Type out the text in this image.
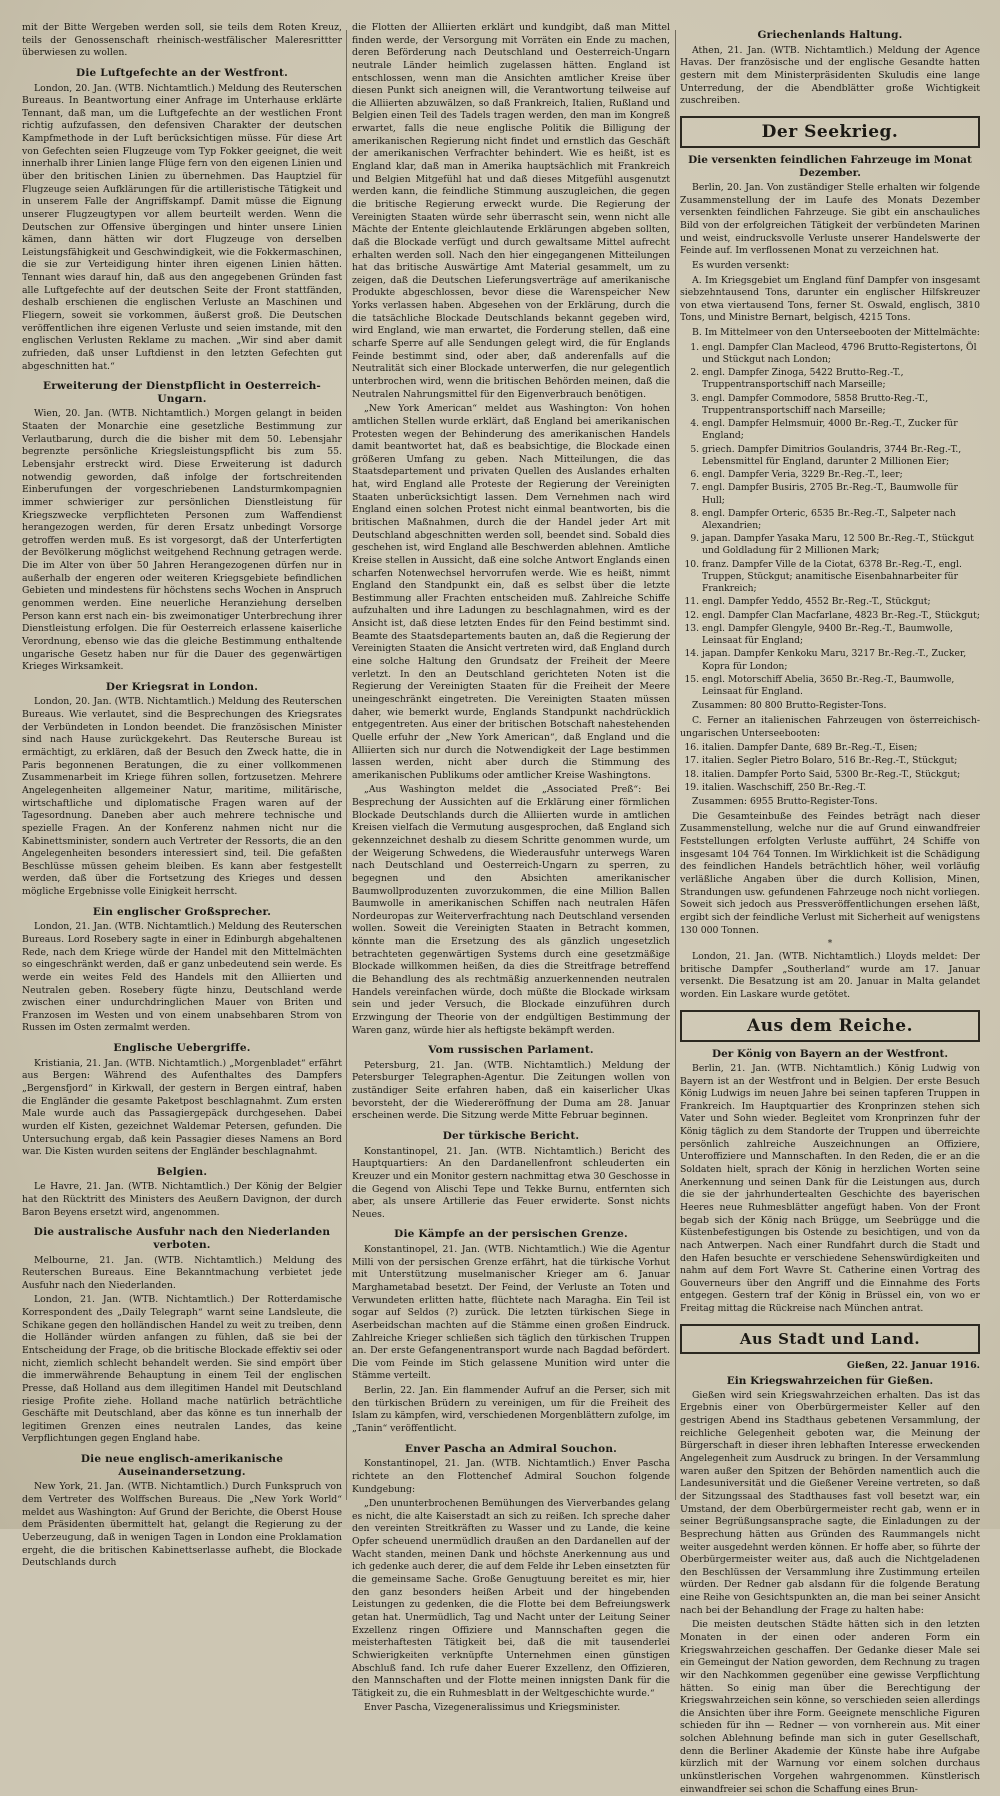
mit der Bitte Wergeben werden soll, sie teils dem Roten Kreuz, teils der Genossenschaft rheinisch-westfälischer Maleresrittter überwiesen zu wollen.

Die Luftgefechte an der Westfront.

London, 20. Jan. (WTB. Nichtamtlich.) Meldung des Reuterschen Bureaus. In Beantwortung einer Anfrage im Unterhause erklärte Tennant, daß man, um die Luftgefechte an der westlichen Front richtig aufzufassen, den defensiven Charakter der deutschen Kampfmethode in der Luft berücksichtigen müsse. Für diese Art von Gefechten seien Flugzeuge vom Typ Fokker geeignet, die weit innerhalb ihrer Linien lange Flüge fern von den eigenen Linien und über den britischen Linien zu übernehmen. Das Hauptziel für Flugzeuge seien Aufklärungen für die artilleristische Tätigkeit und in unserem Falle der Angriffskampf. Damit müsse die Eignung unserer Flugzeugtypen vor allem beurteilt werden. Wenn die Deutschen zur Offensive übergingen und hinter unsere Linien kämen, dann hätten wir dort Flugzeuge von derselben Leistungsfähigkeit und Geschwindigkeit, wie die Fokkermaschinen, die sie zur Verteidigung hinter ihren eigenen Linien hätten. Tennant wies darauf hin, daß aus den angegebenen Gründen fast alle Luftgefechte auf der deutschen Seite der Front stattfänden, deshalb erschienen die englischen Verluste an Maschinen und Fliegern, soweit sie vorkommen, äußerst groß. Die Deutschen veröffentlichen ihre eigenen Verluste und seien imstande, mit den englischen Verlusten Reklame zu machen. „Wir sind aber damit zufrieden, daß unser Luftdienst in den letzten Gefechten gut abgeschnitten hat.“

Erweiterung der Dienstpflicht in Oesterreich-Ungarn.

Wien, 20. Jan. (WTB. Nichtamtlich.) Morgen gelangt in beiden Staaten der Monarchie eine gesetzliche Bestimmung zur Verlautbarung, durch die die bisher mit dem 50. Lebensjahr begrenzte persönliche Kriegsleistungspflicht bis zum 55. Lebensjahr erstreckt wird. Diese Erweiterung ist dadurch notwendig geworden, daß infolge der fortschreitenden Einberufungen der vorgeschriebenen Landsturmkompagnien immer schwieriger zur persönlichen Dienstleistung für Kriegszwecke verpflichteten Personen zum Waffendienst herangezogen werden, für deren Ersatz unbedingt Vorsorge getroffen werden muß. Es ist vorgesorgt, daß der Unterfertigten der Bevölkerung möglichst weitgehend Rechnung getragen werde. Die im Alter von über 50 Jahren Herangezogenen dürfen nur in außerhalb der engeren oder weiteren Kriegsgebiete befindlichen Gebieten und mindestens für höchstens sechs Wochen in Anspruch genommen werden. Eine neuerliche Heranziehung derselben Person kann erst nach ein- bis zweimonatiger Unterbrechung ihrer Dienstleistung erfolgen. Die für Oesterreich erlassene kaiserliche Verordnung, ebenso wie das die gleiche Bestimmung enthaltende ungarische Gesetz haben nur für die Dauer des gegenwärtigen Krieges Wirksamkeit.

Der Kriegsrat in London.

London, 20. Jan. (WTB. Nichtamtlich.) Meldung des Reuterschen Bureaus. Wie verlautet, sind die Besprechungen des Kriegsrates der Verbündeten in London beendet. Die französischen Minister sind nach Hause zurückgekehrt. Das Reutersche Bureau ist ermächtigt, zu erklären, daß der Besuch den Zweck hatte, die in Paris begonnenen Beratungen, die zu einer vollkommenen Zusammenarbeit im Kriege führen sollen, fortzusetzen. Mehrere Angelegenheiten allgemeiner Natur, maritime, militärische, wirtschaftliche und diplomatische Fragen waren auf der Tagesordnung. Daneben aber auch mehrere technische und spezielle Fragen. An der Konferenz nahmen nicht nur die Kabinettsminister, sondern auch Vertreter der Ressorts, die an den Angelegenheiten besonders interessiert sind, teil. Die gefaßten Beschlüsse müssen geheim bleiben. Es kann aber festgestellt werden, daß über die Fortsetzung des Krieges und dessen mögliche Ergebnisse volle Einigkeit herrscht.

Ein englischer Großsprecher.

London, 21. Jan. (WTB. Nichtamtlich.) Meldung des Reuterschen Bureaus. Lord Rosebery sagte in einer in Edinburgh abgehaltenen Rede, nach dem Kriege würde der Handel mit den Mittelmächten so eingeschränkt werden, daß er ganz unbedeutend sein werde. Es werde ein weites Feld des Handels mit den Alliierten und Neutralen geben. Rosebery fügte hinzu, Deutschland werde zwischen einer undurchdringlichen Mauer von Briten und Franzosen im Westen und von einem unabsehbaren Strom von Russen im Osten zermalmt werden.

Englische Uebergriffe.

Kristiania, 21. Jan. (WTB. Nichtamtlich.) „Morgenbladet“ erfährt aus Bergen: Während des Aufenthaltes des Dampfers „Bergensfjord“ in Kirkwall, der gestern in Bergen eintraf, haben die Engländer die gesamte Paketpost beschlagnahmt. Zum ersten Male wurde auch das Passagiergepäck durchgesehen. Dabei wurden elf Kisten, gezeichnet Waldemar Petersen, gefunden. Die Untersuchung ergab, daß kein Passagier dieses Namens an Bord war. Die Kisten wurden seitens der Engländer beschlagnahmt.

Belgien.

Le Havre, 21. Jan. (WTB. Nichtamtlich.) Der König der Belgier hat den Rücktritt des Ministers des Aeußern Davignon, der durch Baron Beyens ersetzt wird, angenommen.

Die australische Ausfuhr nach den Niederlanden verboten.

Melbourne, 21. Jan. (WTB. Nichtamtlich.) Meldung des Reuterschen Bureaus. Eine Bekanntmachung verbietet jede Ausfuhr nach den Niederlanden.

London, 21. Jan. (WTB. Nichtamtlich.) Der Rotterdamische Korrespondent des „Daily Telegraph“ warnt seine Landsleute, die Schikane gegen den holländischen Handel zu weit zu treiben, denn die Holländer würden anfangen zu fühlen, daß sie bei der Entscheidung der Frage, ob die britische Blockade effektiv sei oder nicht, ziemlich schlecht behandelt werden. Sie sind empört über die immerwährende Behauptung in einem Teil der englischen Presse, daß Holland aus dem illegitimen Handel mit Deutschland riesige Profite ziehe. Holland mache natürlich beträchtliche Geschäfte mit Deutschland, aber das könne es tun innerhalb der legitimen Grenzen eines neutralen Landes, das keine Verpflichtungen gegen England habe.

Die neue englisch-amerikanische Auseinandersetzung.

New York, 21. Jan. (WTB. Nichtamtlich.) Durch Funkspruch von dem Vertreter des Wolffschen Bureaus. Die „New York World“ meldet aus Washington: Auf Grund der Berichte, die Oberst House dem Präsidenten übermittelt hat, gelangt die Regierung zu der Ueberzeugung, daß in wenigen Tagen in London eine Proklamation ergeht, die die britischen Kabinettserlasse aufhebt, die Blockade Deutschlands durch

die Flotten der Alliierten erklärt und kundgibt, daß man Mittel finden werde, der Versorgung mit Vorräten ein Ende zu machen, deren Beförderung nach Deutschland und Oesterreich-Ungarn neutrale Länder heimlich zugelassen hätten. England ist entschlossen, wenn man die Ansichten amtlicher Kreise über diesen Punkt sich aneignen will, die Verantwortung teilweise auf die Alliierten abzuwälzen, so daß Frankreich, Italien, Rußland und Belgien einen Teil des Tadels tragen werden, den man im Kongreß erwartet, falls die neue englische Politik die Billigung der amerikanischen Regierung nicht findet und ernstlich das Geschäft der amerikanischen Verfrachter behindert. Wie es heißt, ist es England klar, daß man in Amerika hauptsächlich mit Frankreich und Belgien Mitgefühl hat und daß dieses Mitgefühl ausgenutzt werden kann, die feindliche Stimmung auszugleichen, die gegen die britische Regierung erweckt wurde. Die Regierung der Vereinigten Staaten würde sehr überrascht sein, wenn nicht alle Mächte der Entente gleichlautende Erklärungen abgeben sollten, daß die Blockade verfügt und durch gewaltsame Mittel aufrecht erhalten werden soll. Nach den hier eingegangenen Mitteilungen hat das britische Auswärtige Amt Material gesammelt, um zu zeigen, daß die Deutschen Lieferungsverträge auf amerikanische Produkte abgeschlossen, bevor diese die Warenspeicher New Yorks verlassen haben. Abgesehen von der Erklärung, durch die die tatsächliche Blockade Deutschlands bekannt gegeben wird, wird England, wie man erwartet, die Forderung stellen, daß eine scharfe Sperre auf alle Sendungen gelegt wird, die für Englands Feinde bestimmt sind, oder aber, daß anderenfalls auf die Neutralität sich einer Blockade unterwerfen, die nur gelegentlich unterbrochen wird, wenn die britischen Behörden meinen, daß die Neutralen Nahrungsmittel für den Eigenverbrauch benötigen.

„New York American“ meldet aus Washington: Von hohen amtlichen Stellen wurde erklärt, daß England bei amerikanischen Protesten wegen der Behinderung des amerikanischen Handels damit beantwortet hat, daß es beabsichtige, die Blockade einen größeren Umfang zu geben. Nach Mitteilungen, die das Staatsdepartement und privaten Quellen des Auslandes erhalten hat, wird England alle Proteste der Regierung der Vereinigten Staaten unberücksichtigt lassen. Dem Vernehmen nach wird England einen solchen Protest nicht einmal beantworten, bis die britischen Maßnahmen, durch die der Handel jeder Art mit Deutschland abgeschnitten werden soll, beendet sind. Sobald dies geschehen ist, wird England alle Beschwerden ablehnen. Amtliche Kreise stellen in Aussicht, daß eine solche Antwort Englands einen scharfen Notenwechsel hervorrufen werde. Wie es heißt, nimmt England den Standpunkt ein, daß es selbst über die letzte Bestimmung aller Frachten entscheiden muß. Zahlreiche Schiffe aufzuhalten und ihre Ladungen zu beschlagnahmen, wird es der Ansicht ist, daß diese letzten Endes für den Feind bestimmt sind. Beamte des Staatsdepartements bauten an, daß die Regierung der Vereinigten Staaten die Ansicht vertreten wird, daß England durch eine solche Haltung den Grundsatz der Freiheit der Meere verletzt. In den an Deutschland gerichteten Noten ist die Regierung der Vereinigten Staaten für die Freiheit der Meere uneingeschränkt eingetreten. Die Vereinigten Staaten müssen daher, wie bemerkt wurde, Englands Standpunkt nachdrücklich entgegentreten. Aus einer der britischen Botschaft nahestehenden Quelle erfuhr der „New York American“, daß England und die Alliierten sich nur durch die Notwendigkeit der Lage bestimmen lassen werden, nicht aber durch die Stimmung des amerikanischen Publikums oder amtlicher Kreise Washingtons.

„Aus Washington meldet die „Associated Preß“: Bei Besprechung der Aussichten auf die Erklärung einer förmlichen Blockade Deutschlands durch die Alliierten wurde in amtlichen Kreisen vielfach die Vermutung ausgesprochen, daß England sich gekennzeichnet deshalb zu diesem Schritte genommen wurde, um der Weigerung Schwedens, die Wiederausfuhr unterwegs Waren nach Deutschland und Oesterreich-Ungarn zu sperren, zu begegnen und den Absichten amerikanischer Baumwollproduzenten zuvorzukommen, die eine Million Ballen Baumwolle in amerikanischen Schiffen nach neutralen Häfen Nordeuropas zur Weiterverfrachtung nach Deutschland versenden wollen. Soweit die Vereinigten Staaten in Betracht kommen, könnte man die Ersetzung des als gänzlich ungesetzlich betrachteten gegenwärtigen Systems durch eine gesetzmäßige Blockade willkommen heißen, da dies die Streitfrage betreffend die Behandlung des als rechtmäßig anzuerkennenden neutralen Handels vereinfachen würde, doch müßte die Blockade wirksam sein und jeder Versuch, die Blockade einzuführen durch Erzwingung der Theorie von der endgültigen Bestimmung der Waren ganz, würde hier als heftigste bekämpft werden.

Vom russischen Parlament.

Petersburg, 21. Jan. (WTB. Nichtamtlich.) Meldung der Petersburger Telegraphen-Agentur. Die Zeitungen wollen von zuständiger Seite erfahren haben, daß ein kaiserlicher Ukas bevorsteht, der die Wiedereröffnung der Duma am 28. Januar erscheinen werde. Die Sitzung werde Mitte Februar beginnen.

Der türkische Bericht.

Konstantinopel, 21. Jan. (WTB. Nichtamtlich.) Bericht des Hauptquartiers: An den Dardanellenfront schleuderten ein Kreuzer und ein Monitor gestern nachmittag etwa 30 Geschosse in die Gegend von Alischi Tepe und Tekke Burnu, entfernten sich aber, als unsere Artillerie das Feuer erwiderte. Sonst nichts Neues.

Die Kämpfe an der persischen Grenze.

Konstantinopel, 21. Jan. (WTB. Nichtamtlich.) Wie die Agentur Milli von der persischen Grenze erfährt, hat die türkische Vorhut mit Unterstützung muselmanischer Krieger am 6. Januar Marghametabad besetzt. Der Feind, der Verluste an Toten und Verwundeten erlitten hatte, flüchtete nach Maragha. Ein Teil ist sogar auf Seldos (?) zurück. Die letzten türkischen Siege in Aserbeidschan machten auf die Stämme einen großen Eindruck. Zahlreiche Krieger schließen sich täglich den türkischen Truppen an. Der erste Gefangenentransport wurde nach Bagdad befördert. Die vom Feinde im Stich gelassene Munition wird unter die Stämme verteilt.

Berlin, 22. Jan. Ein flammender Aufruf an die Perser, sich mit den türkischen Brüdern zu vereinigen, um für die Freiheit des Islam zu kämpfen, wird, verschiedenen Morgenblättern zufolge, im „Tanin“ veröffentlicht.

Enver Pascha an Admiral Souchon.

Konstantinopel, 21. Jan. (WTB. Nichtamtlich.) Enver Pascha richtete an den Flottenchef Admiral Souchon folgende Kundgebung:

„Den ununterbrochenen Bemühungen des Vierverbandes gelang es nicht, die alte Kaiserstadt an sich zu reißen. Ich spreche daher den vereinten Streitkräften zu Wasser und zu Lande, die keine Opfer scheuend unermüdlich draußen an den Dardanellen auf der Wacht standen, meinen Dank und höchste Anerkennung aus und ich gedenke auch derer, die auf dem Felde ihr Leben einsetzten für die gemeinsame Sache. Große Genugtuung bereitet es mir, hier den ganz besonders heißen Arbeit und der hingebenden Leistungen zu gedenken, die die Flotte bei dem Befreiungswerk getan hat. Unermüdlich, Tag und Nacht unter der Leitung Seiner Exzellenz ringen Offiziere und Mannschaften gegen die meisterhaftesten Tätigkeit bei, daß die mit tausenderlei Schwierigkeiten verknüpfte Unternehmen einen günstigen Abschluß fand. Ich rufe daher Euerer Exzellenz, den Offizieren, den Mannschaften und der Flotte meinen innigsten Dank für die Tätigkeit zu, die ein Ruhmesblatt in der Weltgeschichte wurde.“

Enver Pascha, Vizegeneralissimus und Kriegsminister.

Griechenlands Haltung.

Athen, 21. Jan. (WTB. Nichtamtlich.) Meldung der Agence Havas. Der französische und der englische Gesandte hatten gestern mit dem Ministerpräsidenten Skuludis eine lange Unterredung, der die Abendblätter große Wichtigkeit zuschreiben.

Der Seekrieg.
Die versenkten feindlichen Fahrzeuge im Monat Dezember.

Berlin, 20. Jan. Von zuständiger Stelle erhalten wir folgende Zusammenstellung der im Laufe des Monats Dezember versenkten feindlichen Fahrzeuge. Sie gibt ein anschauliches Bild von der erfolgreichen Tätigkeit der verbündeten Marinen und weist, eindrucksvolle Verluste unserer Handelswerte der Feinde auf. Im verflossenen Monat zu verzeichnen hat.

Es wurden versenkt:

A. Im Kriegsgebiet um England fünf Dampfer von insgesamt siebzehntausend Tons, darunter ein englischer Hilfskreuzer von etwa viertausend Tons, ferner St. Oswald, englisch, 3810 Tons, und Ministre Bernart, belgisch, 4215 Tons.

B. Im Mittelmeer von den Unterseebooten der Mittelmächte:

1. engl. Dampfer Clan Macleod, 4796 Brutto-Registertons, Öl und Stückgut nach London;
2. engl. Dampfer Zinoga, 5422 Brutto-Reg.-T., Truppentransportschiff nach Marseille;
3. engl. Dampfer Commodore, 5858 Brutto-Reg.-T., Truppentransportschiff nach Marseille;
4. engl. Dampfer Helmsmuir, 4000 Br.-Reg.-T., Zucker für England;
5. griech. Dampfer Dimitrios Goulandris, 3744 Br.-Reg.-T., Lebensmittel für England, darunter 2 Millionen Eier;
6. engl. Dampfer Veria, 3229 Br.-Reg.-T., leer;
7. engl. Dampfer Busiris, 2705 Br.-Reg.-T., Baumwolle für Hull;
8. engl. Dampfer Orteric, 6535 Br.-Reg.-T., Salpeter nach Alexandrien;
9. japan. Dampfer Yasaka Maru, 12 500 Br.-Reg.-T., Stückgut und Goldladung für 2 Millionen Mark;
10. franz. Dampfer Ville de la Ciotat, 6378 Br.-Reg.-T., engl. Truppen, Stückgut; anamitische Eisenbahnarbeiter für Frankreich;
11. engl. Dampfer Yeddo, 4552 Br.-Reg.-T., Stückgut;
12. engl. Dampfer Clan Macfarlane, 4823 Br.-Reg.-T., Stückgut;
13. engl. Dampfer Glengyle, 9400 Br.-Reg.-T., Baumwolle, Leinsaat für England;
14. japan. Dampfer Kenkoku Maru, 3217 Br.-Reg.-T., Zucker, Kopra für London;
15. engl. Motorschiff Abelia, 3650 Br.-Reg.-T., Baumwolle, Leinsaat für England.

Zusammen: 80 800 Brutto-Register-Tons.

C. Ferner an italienischen Fahrzeugen von österreichisch-ungarischen Unterseebooten:

16. italien. Dampfer Dante, 689 Br.-Reg.-T., Eisen;
17. italien. Segler Pietro Bolaro, 516 Br.-Reg.-T., Stückgut;
18. italien. Dampfer Porto Said, 5300 Br.-Reg.-T., Stückgut;
19. italien. Waschschiff, 250 Br.-Reg.-T.

Zusammen: 6955 Brutto-Register-Tons.

Die Gesamteinbuße des Feindes beträgt nach dieser Zusammenstellung, welche nur die auf Grund einwandfreier Feststellungen erfolgten Verluste aufführt, 24 Schiffe von insgesamt 104 764 Tonnen. Im Wirklichkeit ist die Schädigung des feindlichen Handels beträchtlich höher, weil vorläufig verläßliche Angaben über die durch Kollision, Minen, Strandungen usw. gefundenen Fahrzeuge noch nicht vorliegen. Soweit sich jedoch aus Pressveröffentlichungen ersehen läßt, ergibt sich der feindliche Verlust mit Sicherheit auf wenigstens 130 000 Tonnen.

*

London, 21. Jan. (WTB. Nichtamtlich.) Lloyds meldet: Der britische Dampfer „Southerland“ wurde am 17. Januar versenkt. Die Besatzung ist am 20. Januar in Malta gelandet worden. Ein Laskare wurde getötet.

Aus dem Reiche.
Der König von Bayern an der Westfront.

Berlin, 21. Jan. (WTB. Nichtamtlich.) König Ludwig von Bayern ist an der Westfront und in Belgien. Der erste Besuch König Ludwigs im neuen Jahre bei seinen tapferen Truppen in Frankreich. Im Hauptquartier des Kronprinzen stehen sich Vater und Sohn wieder. Begleitet vom Kronprinzen fuhr der König täglich zu dem Standorte der Truppen und überreichte persönlich zahlreiche Auszeichnungen an Offiziere, Unteroffiziere und Mannschaften. In den Reden, die er an die Soldaten hielt, sprach der König in herzlichen Worten seine Anerkennung und seinen Dank für die Leistungen aus, durch die sie der jahrhundertealten Geschichte des bayerischen Heeres neue Ruhmesblätter angefügt haben. Von der Front begab sich der König nach Brügge, um Seebrügge und die Küstenbefestigungen bis Ostende zu besichtigen, und von da nach Antwerpen. Nach einer Rundfahrt durch die Stadt und den Hafen besuchte er verschiedene Sehenswürdigkeiten und nahm auf dem Fort Wavre St. Catherine einen Vortrag des Gouverneurs über den Angriff und die Einnahme des Forts entgegen. Gestern traf der König in Brüssel ein, von wo er Freitag mittag die Rückreise nach München antrat.

Aus Stadt und Land.
Gießen, 22. Januar 1916.
Ein Kriegswahrzeichen für Gießen.

Gießen wird sein Kriegswahrzeichen erhalten. Das ist das Ergebnis einer von Oberbürgermeister Keller auf den gestrigen Abend ins Stadthaus gebetenen Versammlung, der reichliche Gelegenheit geboten war, die Meinung der Bürgerschaft in dieser ihren lebhaften Interesse erweckenden Angelegenheit zum Ausdruck zu bringen. In der Versammlung waren außer den Spitzen der Behörden namentlich auch die Landesuniversität und die Gießener Vereine vertreten, so daß der Sitzungssaal des Stadthauses fast voll besetzt war, ein Umstand, der dem Oberbürgermeister recht gab, wenn er in seiner Begrüßungsansprache sagte, die Einladungen zu der Besprechung hätten aus Gründen des Raummangels nicht weiter ausgedehnt werden können. Er hoffe aber, so führte der Oberbürgermeister weiter aus, daß auch die Nichtgeladenen den Beschlüssen der Versammlung ihre Zustimmung erteilen würden. Der Redner gab alsdann für die folgende Beratung eine Reihe von Gesichtspunkten an, die man bei seiner Ansicht nach bei der Behandlung der Frage zu halten habe:

Die meisten deutschen Städte hätten sich in den letzten Monaten in der einen oder anderen Form ein Kriegswahrzeichen geschaffen. Der Gedanke dieser Male sei ein Gemeingut der Nation geworden, dem Rechnung zu tragen wir den Nachkommen gegenüber eine gewisse Verpflichtung hätten. So einig man über die Berechtigung der Kriegswahrzeichen sein könne, so verschieden seien allerdings die Ansichten über ihre Form. Geeignete menschliche Figuren schieden für ihn — Redner — von vornherein aus. Mit einer solchen Ablehnung befinde man sich in guter Gesellschaft, denn die Berliner Akademie der Künste habe ihre Aufgabe kürzlich mit der Warnung vor einem solchen durchaus unkünstlerischen Vorgehen wahrgenommen. Künstlerisch einwandfreier sei schon die Schaffung eines Brun-
